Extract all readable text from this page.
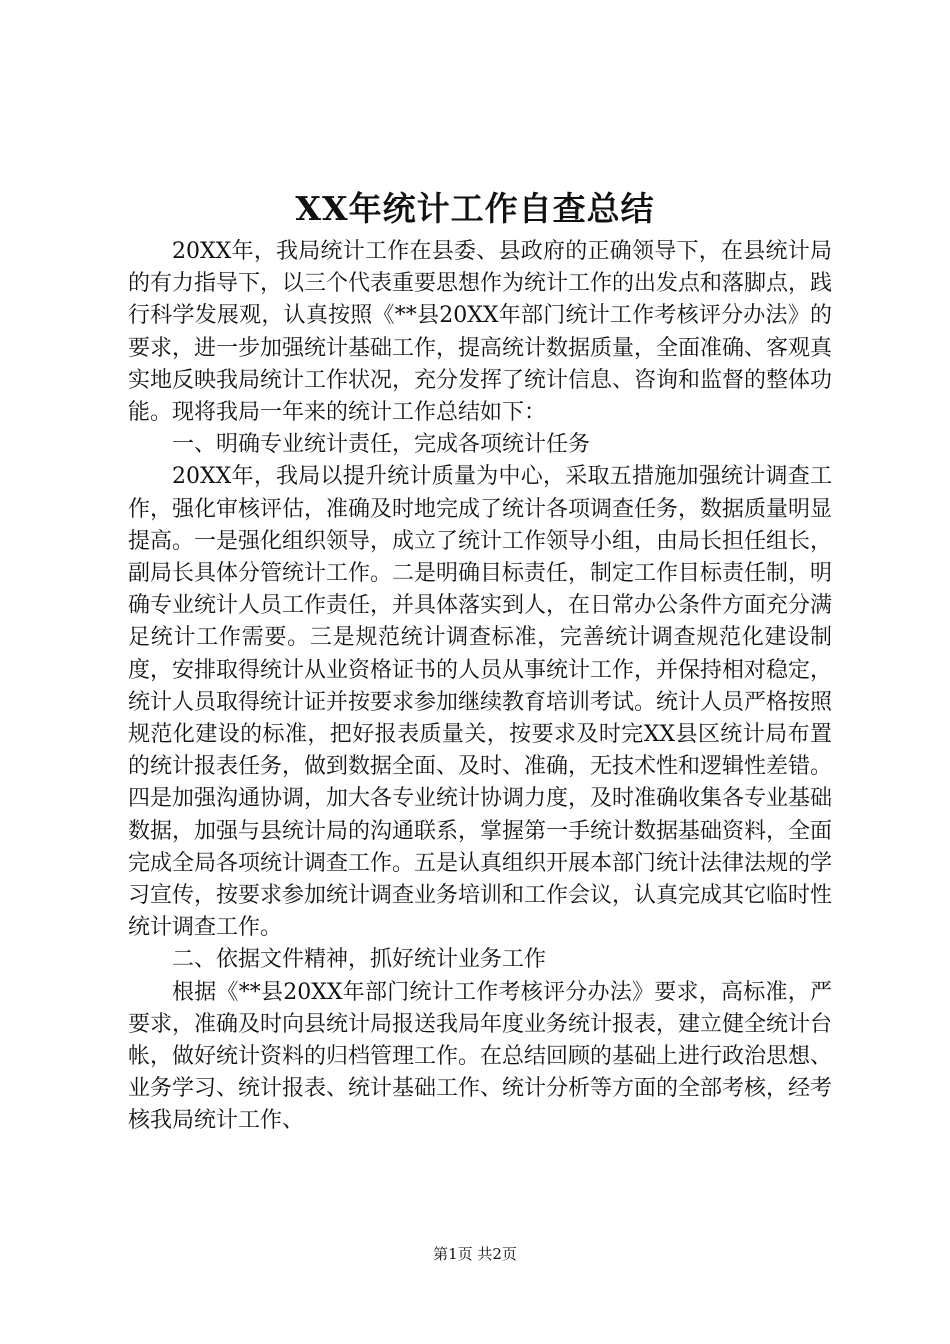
XX年统计工作自查总结

20XX年，我局统计工作在县委、县政府的正确领导下，在县统计局的有力指导下，以三个代表重要思想作为统计工作的出发点和落脚点，践行科学发展观，认真按照《**县20XX年部门统计工作考核评分办法》的要求，进一步加强统计基础工作，提高统计数据质量，全面准确、客观真实地反映我局统计工作状况，充分发挥了统计信息、咨询和监督的整体功能。现将我局一年来的统计工作总结如下：

一、明确专业统计责任，完成各项统计任务

20XX年，我局以提升统计质量为中心，采取五措施加强统计调查工作，强化审核评估，准确及时地完成了统计各项调查任务，数据质量明显提高。一是强化组织领导，成立了统计工作领导小组，由局长担任组长，副局长具体分管统计工作。二是明确目标责任，制定工作目标责任制，明确专业统计人员工作责任，并具体落实到人，在日常办公条件方面充分满足统计工作需要。三是规范统计调查标准，完善统计调查规范化建设制度，安排取得统计从业资格证书的人员从事统计工作，并保持相对稳定，统计人员取得统计证并按要求参加继续教育培训考试。统计人员严格按照规范化建设的标准，把好报表质量关，按要求及时完XX县区统计局布置的统计报表任务，做到数据全面、及时、准确，无技术性和逻辑性差错。四是加强沟通协调，加大各专业统计协调力度，及时准确收集各专业基础数据，加强与县统计局的沟通联系，掌握第一手统计数据基础资料，全面完成全局各项统计调查工作。五是认真组织开展本部门统计法律法规的学习宣传，按要求参加统计调查业务培训和工作会议，认真完成其它临时性统计调查工作。

二、依据文件精神，抓好统计业务工作

根据《**县20XX年部门统计工作考核评分办法》要求，高标准，严要求，准确及时向县统计局报送我局年度业务统计报表，建立健全统计台帐，做好统计资料的归档管理工作。在总结回顾的基础上进行政治思想、业务学习、统计报表、统计基础工作、统计分析等方面的全部考核，经考核我局统计工作、

第1页 共2页
